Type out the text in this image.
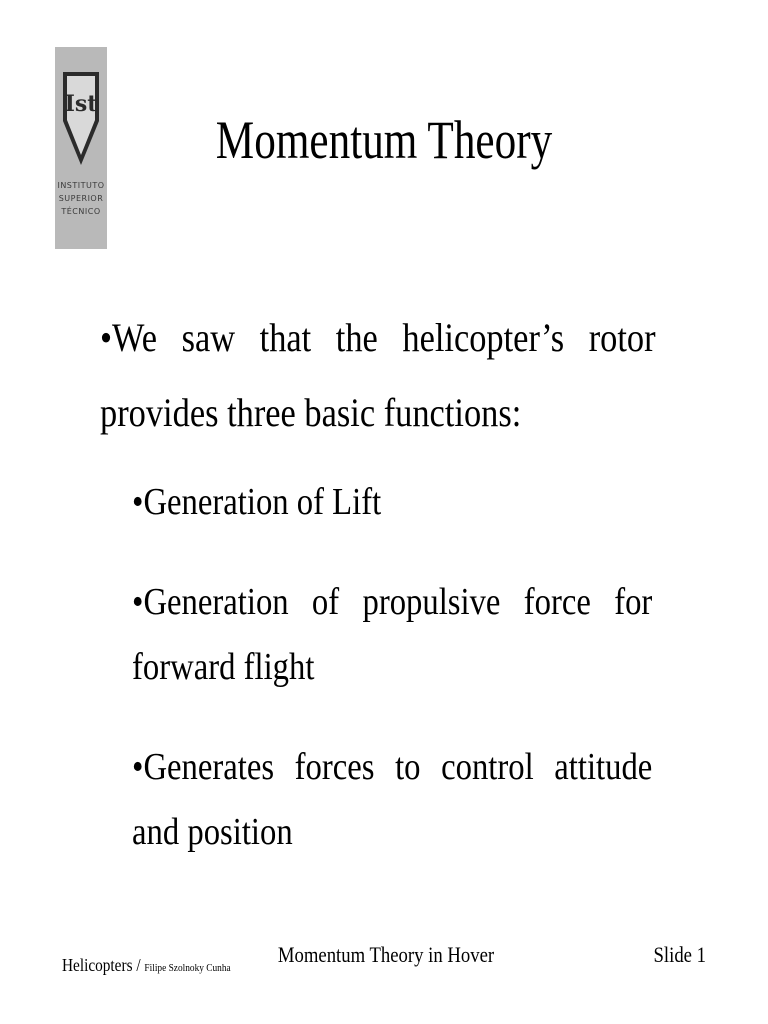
Ist
INSTITUTO
SUPERIOR
TÉCNICO
Momentum Theory
•We saw that the helicopter’s rotor provides three basic functions:
•Generation of Lift
•Generation of propulsive force for forward flight
•Generates forces to control attitude and position
Helicopters / Filipe Szolnoky Cunha
Momentum Theory in Hover	Slide 1
